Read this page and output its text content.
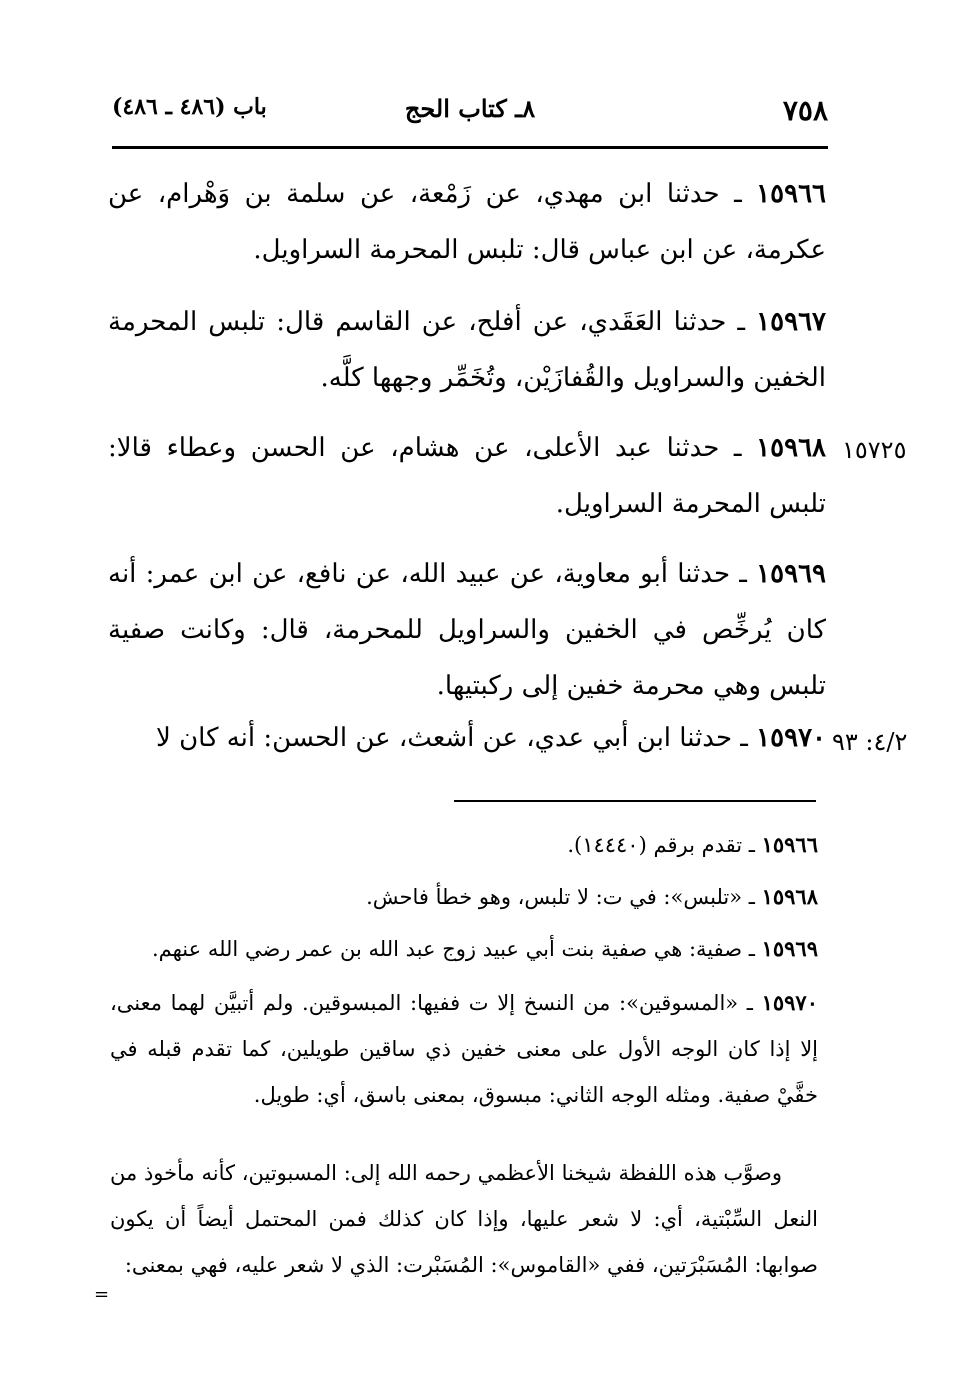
٧٥٨
٨ـ كتاب الحج
باب (٤٨٦ ـ ٤٨٦)
١٥٩٦٦ ـ حدثنا ابن مهدي، عن زَمْعة، عن سلمة بن وَهْرام، عن عكرمة، عن ابن عباس قال: تلبس المحرمة السراويل.
١٥٩٦٧ ـ حدثنا العَقَدي، عن أفلح، عن القاسم قال: تلبس المحرمة الخفين والسراويل والقُفازَيْن، وتُخَمِّر وجهها كلَّه.
١٥٩٦٨ ـ حدثنا عبد الأعلى، عن هشام، عن الحسن وعطاء قالا: تلبس المحرمة السراويل.
١٥٧٢٥
١٥٩٦٩ ـ حدثنا أبو معاوية، عن عبيد الله، عن نافع، عن ابن عمر: أنه كان يُرخِّص في الخفين والسراويل للمحرمة، قال: وكانت صفية تلبس وهي محرمة خفين إلى ركبتيها.
١٥٩٧٠ ـ حدثنا ابن أبي عدي، عن أشعث، عن الحسن: أنه كان لا	٤/٢: ٩٣
١٥٩٦٦ ـ تقدم برقم (١٤٤٤٠).
١٥٩٦٨ ـ «تلبس»: في ت: لا تلبس، وهو خطأ فاحش.
١٥٩٦٩ ـ صفية: هي صفية بنت أبي عبيد زوج عبد الله بن عمر رضي الله عنهم.
١٥٩٧٠ ـ «المسوقين»: من النسخ إلا ت ففيها: المبسوقين. ولم أتبيَّن لهما معنى، إلا إذا كان الوجه الأول على معنى خفين ذي ساقين طويلين، كما تقدم قبله في خفَّيْ صفية. ومثله الوجه الثاني: مبسوق، بمعنى باسق، أي: طويل.
وصوَّب هذه اللفظة شيخنا الأعظمي رحمه الله إلى: المسبوتين، كأنه مأخوذ من النعل السِّبْتية، أي: لا شعر عليها، وإذا كان كذلك فمن المحتمل أيضاً أن يكون صوابها: المُسَبْرَتين، ففي «القاموس»: المُسَبْرت: الذي لا شعر عليه، فهي بمعنى:
=
